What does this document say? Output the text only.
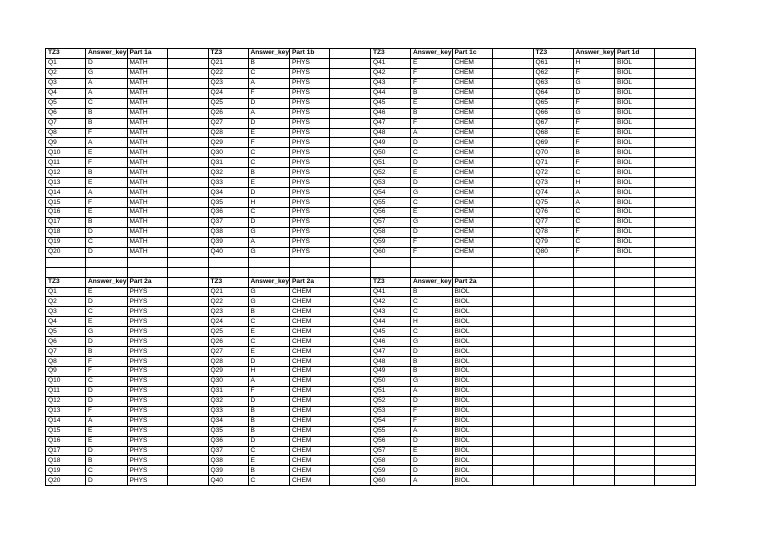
TZ3	Answer_key	Part 1a		TZ3	Answer_key	Part 1b		TZ3	Answer_key	Part 1c		TZ3	Answer_key	Part 1d	
Q1	D	MATH		Q21	B	PHYS		Q41	E	CHEM		Q61	H	BIOL	
Q2	G	MATH		Q22	C	PHYS		Q42	F	CHEM		Q62	F	BIOL	
Q3	A	MATH		Q23	A	PHYS		Q43	F	CHEM		Q63	G	BIOL	
Q4	A	MATH		Q24	F	PHYS		Q44	B	CHEM		Q64	D	BIOL	
Q5	C	MATH		Q25	D	PHYS		Q45	E	CHEM		Q65	F	BIOL	
Q6	B	MATH		Q26	A	PHYS		Q46	B	CHEM		Q66	G	BIOL	
Q7	B	MATH		Q27	D	PHYS		Q47	F	CHEM		Q67	F	BIOL	
Q8	F	MATH		Q28	E	PHYS		Q48	A	CHEM		Q68	E	BIOL	
Q9	A	MATH		Q29	F	PHYS		Q49	D	CHEM		Q69	F	BIOL	
Q10	E	MATH		Q30	C	PHYS		Q50	C	CHEM		Q70	B	BIOL	
Q11	F	MATH		Q31	C	PHYS		Q51	D	CHEM		Q71	F	BIOL	
Q12	B	MATH		Q32	B	PHYS		Q52	E	CHEM		Q72	C	BIOL	
Q13	E	MATH		Q33	E	PHYS		Q53	D	CHEM		Q73	H	BIOL	
Q14	A	MATH		Q34	D	PHYS		Q54	G	CHEM		Q74	A	BIOL	
Q15	F	MATH		Q35	H	PHYS		Q55	C	CHEM		Q75	A	BIOL	
Q16	E	MATH		Q36	C	PHYS		Q56	E	CHEM		Q76	C	BIOL	
Q17	B	MATH		Q37	D	PHYS		Q57	G	CHEM		Q77	C	BIOL	
Q18	D	MATH		Q38	G	PHYS		Q58	D	CHEM		Q78	F	BIOL	
Q19	C	MATH		Q39	A	PHYS		Q59	F	CHEM		Q79	C	BIOL	
Q20	D	MATH		Q40	G	PHYS		Q60	F	CHEM		Q80	F	BIOL	

TZ3	Answer_key	Part 2a		TZ3	Answer_key	Part 2a		TZ3	Answer_key	Part 2a					
Q1	E	PHYS		Q21	G	CHEM		Q41	B	BIOL					
Q2	D	PHYS		Q22	G	CHEM		Q42	C	BIOL					
Q3	C	PHYS		Q23	B	CHEM		Q43	C	BIOL					
Q4	E	PHYS		Q24	C	CHEM		Q44	H	BIOL					
Q5	G	PHYS		Q25	E	CHEM		Q45	C	BIOL					
Q6	D	PHYS		Q26	C	CHEM		Q46	G	BIOL					
Q7	B	PHYS		Q27	E	CHEM		Q47	D	BIOL					
Q8	F	PHYS		Q28	D	CHEM		Q48	B	BIOL					
Q9	F	PHYS		Q29	H	CHEM		Q49	B	BIOL					
Q10	C	PHYS		Q30	A	CHEM		Q50	G	BIOL					
Q11	D	PHYS		Q31	F	CHEM		Q51	A	BIOL					
Q12	D	PHYS		Q32	D	CHEM		Q52	D	BIOL					
Q13	F	PHYS		Q33	B	CHEM		Q53	F	BIOL					
Q14	A	PHYS		Q34	B	CHEM		Q54	F	BIOL					
Q15	E	PHYS		Q35	B	CHEM		Q55	A	BIOL					
Q16	E	PHYS		Q36	D	CHEM		Q56	D	BIOL					
Q17	D	PHYS		Q37	C	CHEM		Q57	E	BIOL					
Q18	B	PHYS		Q38	E	CHEM		Q58	D	BIOL					
Q19	C	PHYS		Q39	B	CHEM		Q59	D	BIOL					
Q20	D	PHYS		Q40	C	CHEM		Q60	A	BIOL					
